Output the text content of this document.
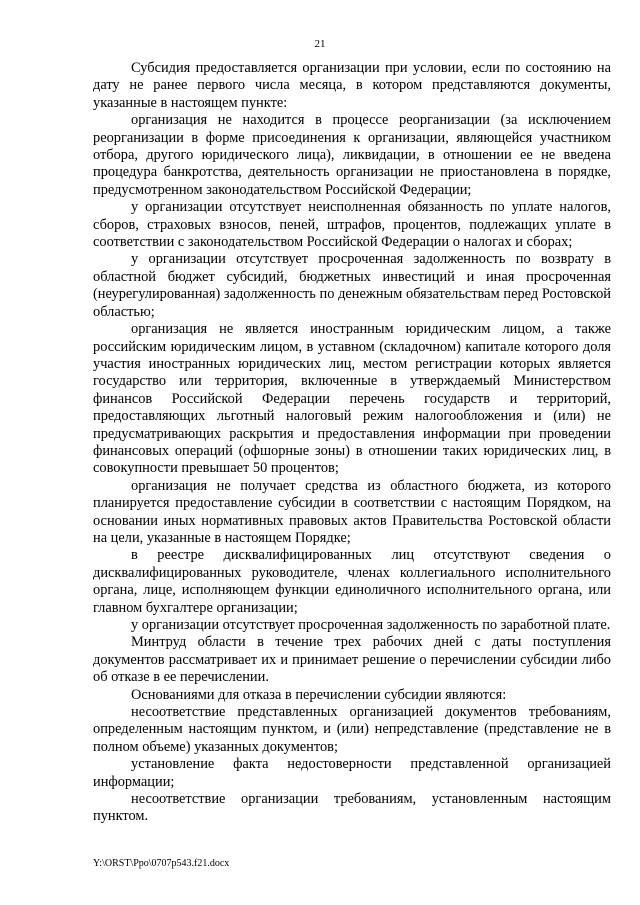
21

Субсидия предоставляется организации при условии, если по состоянию на дату не ранее первого числа месяца, в котором представляются документы, указанные в настоящем пункте:

организация не находится в процессе реорганизации (за исключением реорганизации в форме присоединения к организации, являющейся участником отбора, другого юридического лица), ликвидации, в отношении ее не введена процедура банкротства, деятельность организации не приостановлена в порядке, предусмотренном законодательством Российской Федерации;

у организации отсутствует неисполненная обязанность по уплате налогов, сборов, страховых взносов, пеней, штрафов, процентов, подлежащих уплате в соответствии с законодательством Российской Федерации о налогах и сборах;

у организации отсутствует просроченная задолженность по возврату в областной бюджет субсидий, бюджетных инвестиций и иная просроченная (неурегулированная) задолженность по денежным обязательствам перед Ростовской областью;

организация не является иностранным юридическим лицом, а также российским юридическим лицом, в уставном (складочном) капитале которого доля участия иностранных юридических лиц, местом регистрации которых является государство или территория, включенные в утверждаемый Министерством финансов Российской Федерации перечень государств и территорий, предоставляющих льготный налоговый режим налогообложения и (или) не предусматривающих раскрытия и предоставления информации при проведении финансовых операций (офшорные зоны) в отношении таких юридических лиц, в совокупности превышает 50 процентов;

организация не получает средства из областного бюджета, из которого планируется предоставление субсидии в соответствии с настоящим Порядком, на основании иных нормативных правовых актов Правительства Ростовской области на цели, указанные в настоящем Порядке;

в реестре дисквалифицированных лиц отсутствуют сведения о дисквалифицированных руководителе, членах коллегиального исполнительного органа, лице, исполняющем функции единоличного исполнительного органа, или главном бухгалтере организации;

у организации отсутствует просроченная задолженность по заработной плате.

Минтруд области в течение трех рабочих дней с даты поступления документов рассматривает их и принимает решение о перечислении субсидии либо об отказе в ее перечислении.

Основаниями для отказа в перечислении субсидии являются:

несоответствие представленных организацией документов требованиям, определенным настоящим пунктом, и (или) непредставление (представление не в полном объеме) указанных документов;

установление факта недостоверности представленной организацией информации;

несоответствие организации требованиям, установленным настоящим пунктом.

Y:\ORST\Ppo\0707p543.f21.docx
